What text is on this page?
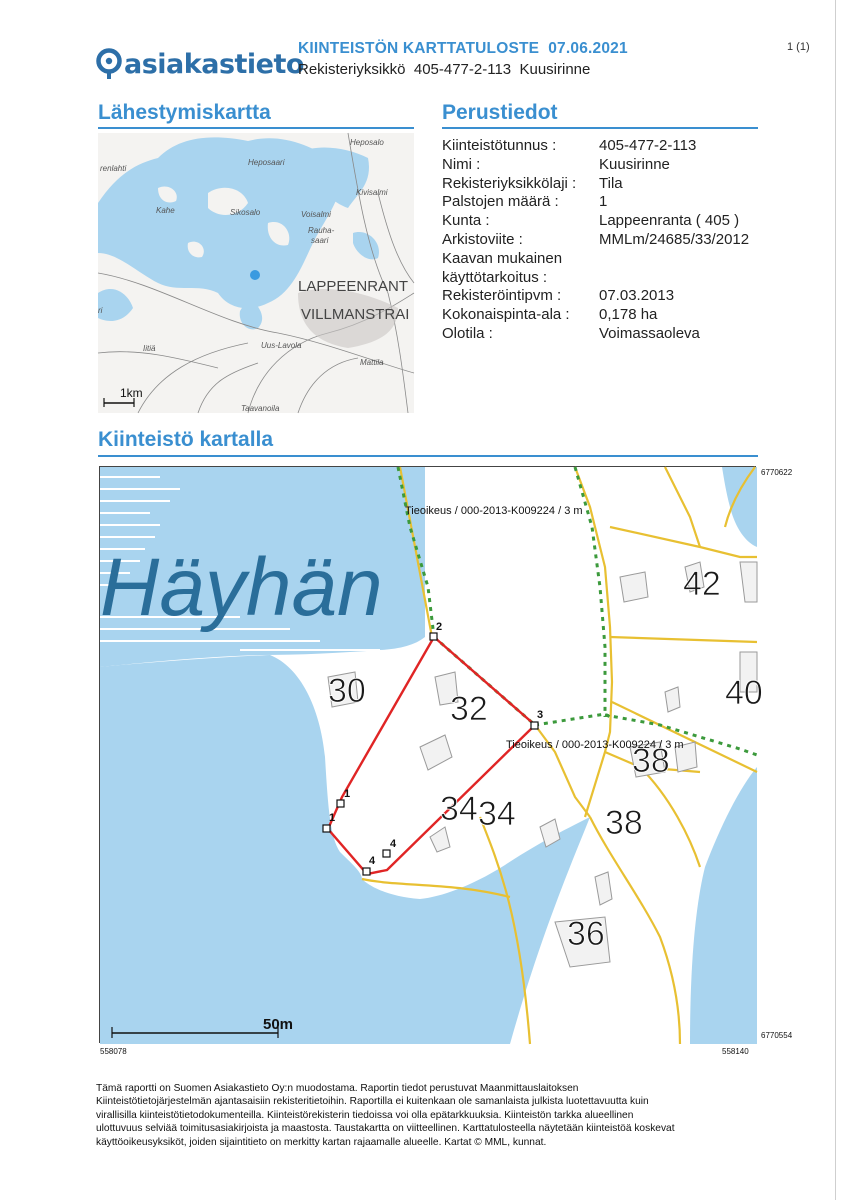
asiakastieto
KIINTEISTÖN KARTTATULOSTE  07.06.2021
Rekisteriyksikkö  405-477-2-113  Kuusirinne
1 (1)
Lähestymiskartta
renlahti
Heposaari
Heposalo
Kahe	Sikosalo	Voisalmi
Kivisalmi
Rauha-
saari
Iitiä	Uus-Lavola
Mattila
Taavanoila
ri
LAPPEENRANT
VILLMANSTRAI
1km
Perustiedot
Kiinteistötunnus :	405-477-2-113
Nimi :	Kuusirinne
Rekisteriyksikkölaji : Tila
Palstojen määrä :	1
Kunta :	Lappeenranta ( 405 )
Arkistoviite :	MMLm/24685/33/2012
Kaavan mukainen
käyttötarkoitus :
Rekisteröintipvm :	07.03.2013
Kokonaispinta-ala : 0,178 ha
Olotila :	Voimassaoleva
Kiinteistö kartalla
Häyhän	2
3
1
1
4
4
42
30 32	40
38
34 34	38
36
Tieoikeus / 000-2013-K009224 / 3 m
Tieoikeus / 000-2013-K009224 / 3 m
50m
6770622
6770554
558078	558140

Tämä raportti on Suomen Asiakastieto Oy:n muodostama. Raportin tiedot perustuvat Maanmittauslaitoksen

Kiinteistötietojärjestelmän ajantasaisiin rekisteritietoihin. Raportilla ei kuitenkaan ole samanlaista julkista luotettavuutta kuin

virallisilla kiinteistötietodokumenteilla. Kiinteistörekisterin tiedoissa voi olla epätarkkuuksia. Kiinteistön tarkka alueellinen

ulottuvuus selviää toimitusasiakirjoista ja maastosta. Taustakartta on viitteellinen. Karttatulosteella näytetään kiinteistöä koskevat

käyttöoikeusyksiköt, joiden sijaintitieto on merkitty kartan rajaamalle alueelle. Kartat © MML, kunnat.
